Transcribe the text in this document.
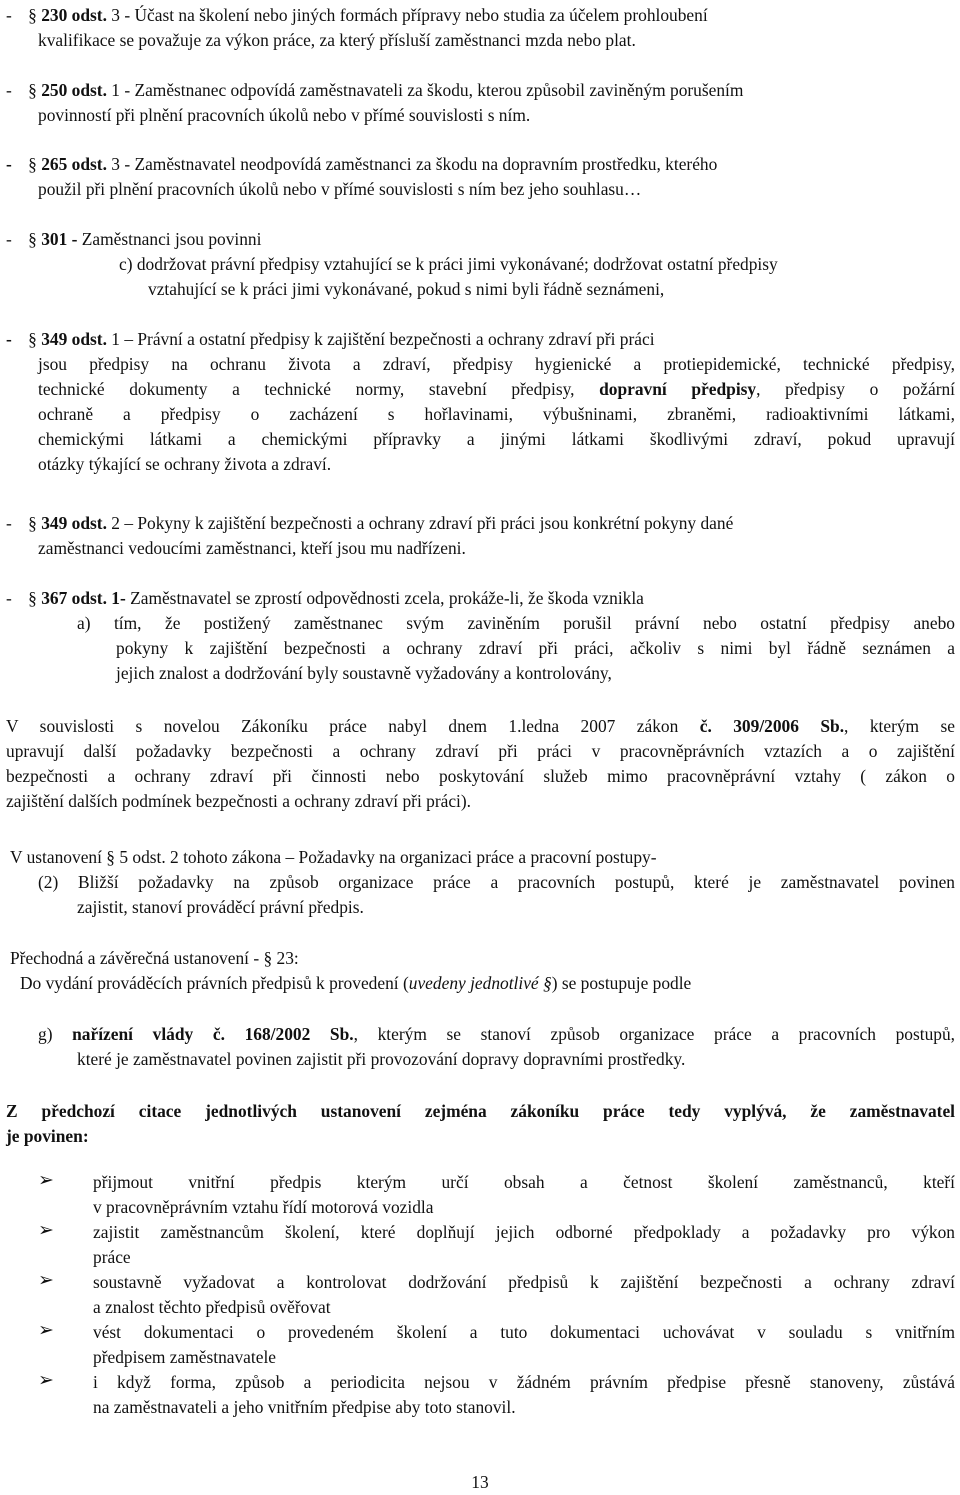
- § 230 odst. 3 - Účast na školení nebo jiných formách přípravy nebo studia za účelem prohloubení
kvalifikace se považuje za výkon práce, za který přísluší zaměstnanci mzda nebo plat.
- § 250 odst. 1 - Zaměstnanec odpovídá zaměstnavateli za škodu, kterou způsobil zaviněným porušením
povinností při plnění pracovních úkolů nebo v přímé souvislosti s ním.
- § 265 odst. 3 - Zaměstnavatel neodpovídá zaměstnanci za škodu na dopravním prostředku, kterého
použil při plnění pracovních úkolů nebo v přímé souvislosti s ním bez jeho souhlasu…
- § 301 - Zaměstnanci jsou povinni
c) dodržovat právní předpisy vztahující se k práci jimi vykonávané; dodržovat ostatní předpisy
vztahující se k práci jimi vykonávané, pokud s nimi byli řádně seznámeni,
- § 349 odst. 1 – Právní a ostatní předpisy k zajištění bezpečnosti a ochrany zdraví při práci
jsou předpisy na ochranu života a zdraví, předpisy hygienické a protiepidemické, technické předpisy,
technické dokumenty a technické normy, stavební předpisy, dopravní předpisy, předpisy o požární
ochraně a předpisy o zacházení s hořlavinami, výbušninami, zbraněmi, radioaktivními látkami,
chemickými látkami a chemickými přípravky a jinými látkami škodlivými zdraví, pokud upravují
otázky týkající se ochrany života a zdraví.
- § 349 odst. 2 – Pokyny k zajištění bezpečnosti a ochrany zdraví při práci jsou konkrétní pokyny dané
zaměstnanci vedoucími zaměstnanci, kteří jsou mu nadřízeni.
- § 367 odst. 1- Zaměstnavatel se zprostí odpovědnosti zcela, prokáže-li, že škoda vznikla
a) tím, že postižený zaměstnanec svým zaviněním porušil právní nebo ostatní předpisy anebo
pokyny k zajištění bezpečnosti a ochrany zdraví při práci, ačkoliv s nimi byl řádně seznámen a
jejich znalost a dodržování byly soustavně vyžadovány a kontrolovány,
V souvislosti s novelou Zákoníku práce nabyl dnem 1.ledna 2007 zákon č. 309/2006 Sb., kterým se
upravují další požadavky bezpečnosti a ochrany zdraví při práci v pracovněprávních vztazích a o zajištění
bezpečnosti a ochrany zdraví při činnosti nebo poskytování služeb mimo pracovněprávní vztahy ( zákon o
zajištění dalších podmínek bezpečnosti a ochrany zdraví při práci).
V ustanovení § 5 odst. 2 tohoto zákona – Požadavky na organizaci práce a pracovní postupy-
(2) Bližší požadavky na způsob organizace práce a pracovních postupů, které je zaměstnavatel povinen
zajistit, stanoví prováděcí právní předpis.
Přechodná a závěrečná ustanovení - § 23:
Do vydání prováděcích právních předpisů k provedení (uvedeny jednotlivé §) se postupuje podle
g) nařízení vlády č. 168/2002 Sb., kterým se stanoví způsob organizace práce a pracovních postupů,
které je zaměstnavatel povinen zajistit při provozování dopravy dopravními prostředky.
Z předchozí citace jednotlivých ustanovení zejména zákoníku práce tedy vyplývá, že zaměstnavatel
je povinen:
➢ přijmout vnitřní předpis kterým určí obsah a četnost školení zaměstnanců, kteří
v pracovněprávním vztahu řídí motorová vozidla
➢ zajistit zaměstnancům školení, které doplňují jejich odborné předpoklady a požadavky pro výkon
práce
➢ soustavně vyžadovat a kontrolovat dodržování předpisů k zajištění bezpečnosti a ochrany zdraví
a znalost těchto předpisů ověřovat
➢ vést dokumentaci o provedeném školení a tuto dokumentaci uchovávat v souladu s vnitřním
předpisem zaměstnavatele
➢ i když forma, způsob a periodicita nejsou v žádném právním předpise přesně stanoveny, zůstává
na zaměstnavateli a jeho vnitřním předpise aby toto stanovil.
13
